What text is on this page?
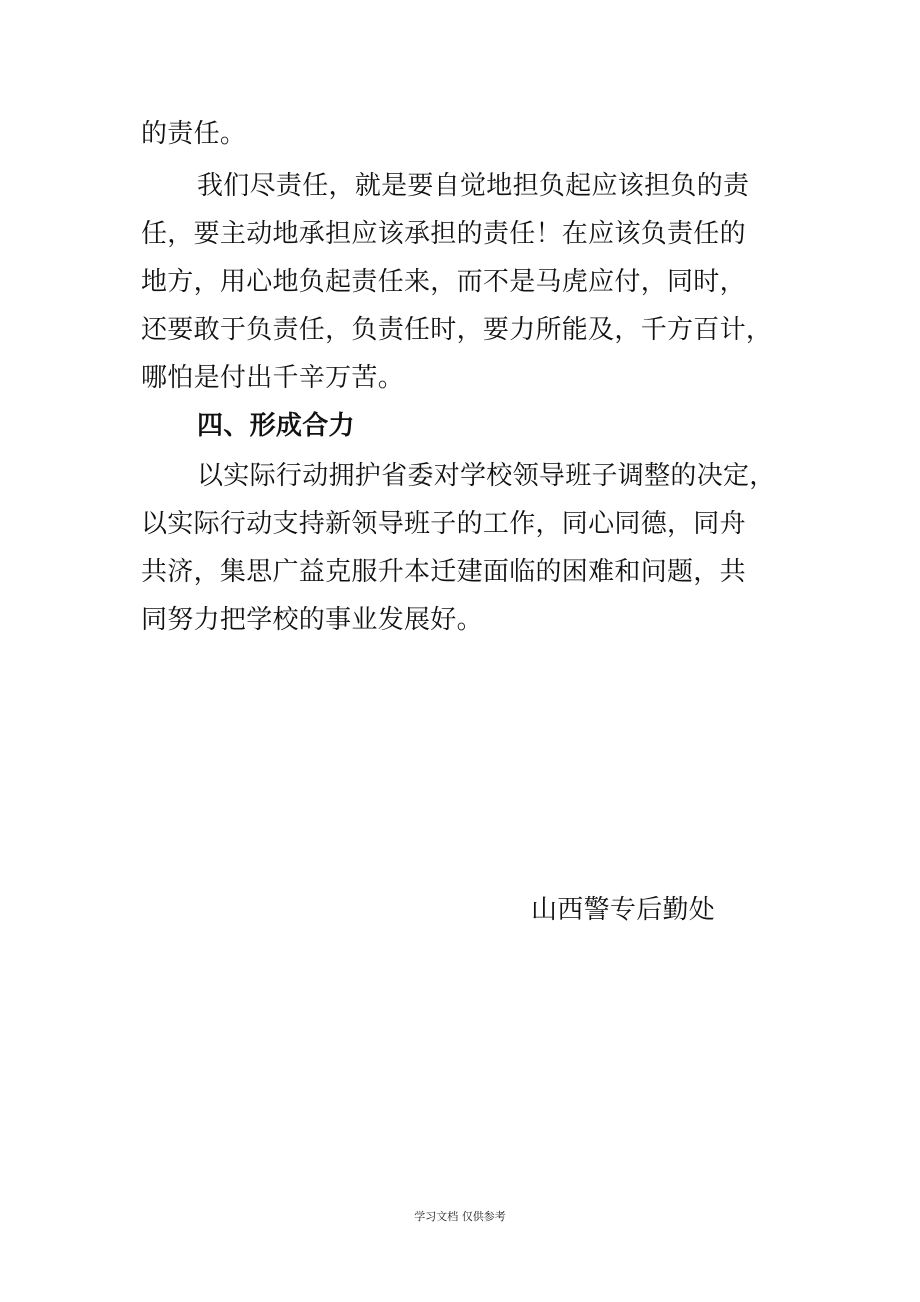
的责任。
我们尽责任，就是要自觉地担负起应该担负的责
任，要主动地承担应该承担的责任！在应该负责任的
地方，用心地负起责任来，而不是马虎应付，同时，
还要敢于负责任，负责任时，要力所能及，千方百计，
哪怕是付出千辛万苦。
四、形成合力
以实际行动拥护省委对学校领导班子调整的决定，
以实际行动支持新领导班子的工作，同心同德，同舟
共济，集思广益克服升本迁建面临的困难和问题，共
同努力把学校的事业发展好。
山西警专后勤处
学习文档 仅供参考
